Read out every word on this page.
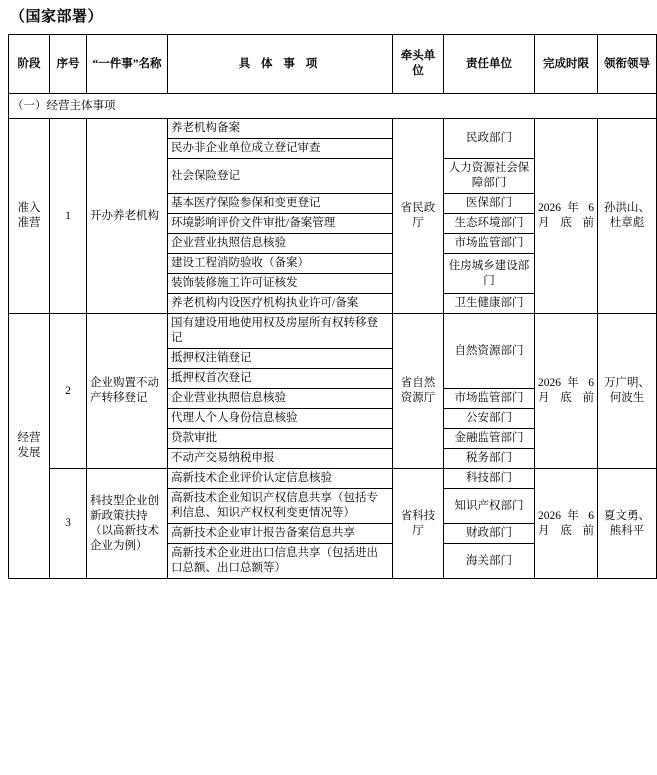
（国家部署）
阶段	序号	“一件事”名称	具 体 事 项	牵头单位	责任单位	完成时限	领衔领导
（一）经营主体事项							
准入准营	1	开办养老机构	养老机构备案	省民政厅	民政部门	2026 年 6 月底前	孙洪山、杜章彪
			民办非企业单位成立登记审查				
			社会保险登记		人力资源社会保障部门		
			基本医疗保险参保和变更登记		医保部门		
			环境影响评价文件审批/备案管理		生态环境部门		
			企业营业执照信息核验		市场监管部门		
			建设工程消防验收（备案）		住房城乡建设部门		
			装饰装修施工许可证核发				
			养老机构内设医疗机构执业许可/备案		卫生健康部门		
经营发展	2	企业购置不动产转移登记	国有建设用地使用权及房屋所有权转移登记	省自然资源厅	自然资源部门	2026 年 6 月底前	万广明、何波生
			抵押权注销登记				
			抵押权首次登记				
			企业营业执照信息核验		市场监管部门		
			代理人个人身份信息核验		公安部门		
			贷款审批		金融监管部门		
			不动产交易纳税申报		税务部门		
	3	科技型企业创新政策扶持（以高新技术企业为例）	高新技术企业评价认定信息核验	省科技厅	科技部门	2026 年 6 月底前	夏文勇、熊科平
			高新技术企业知识产权信息共享（包括专利信息、知识产权权利变更情况等）		知识产权部门		
			高新技术企业审计报告备案信息共享		财政部门		
			高新技术企业进出口信息共享（包括进出口总额、出口总额等）		海关部门		
